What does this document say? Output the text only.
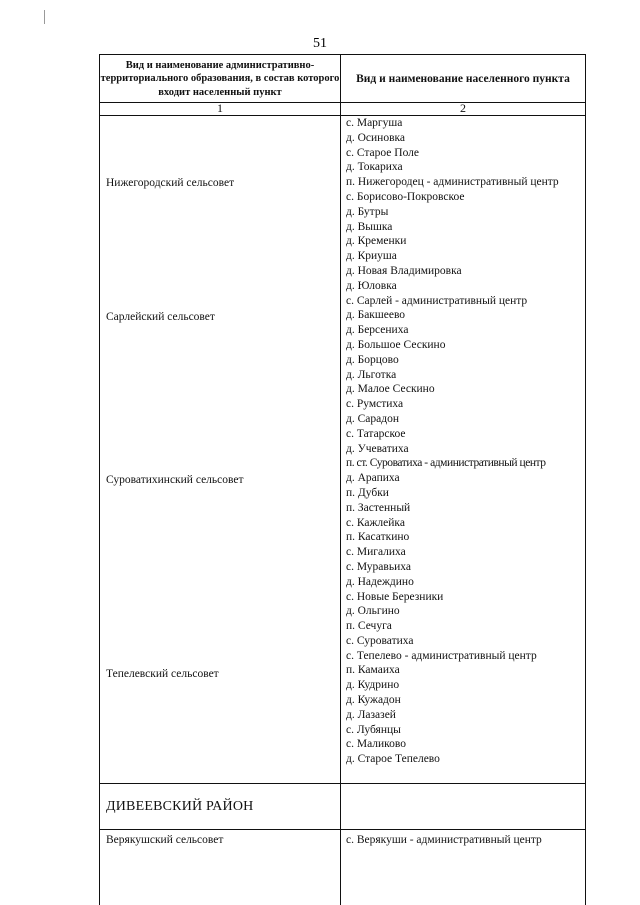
51
Вид и наименование административно-территориального образования, в состав которого входит населенный пункт
Вид и наименование населенного пункта
1	2
с. Маргуша
д. Осиновка
с. Старое Поле
д. Токариха
п. Нижегородец - административный центр
с. Борисово-Покровское
д. Бутры
д. Вышка
д. Кременки
д. Криуша
д. Новая Владимировка
д. Юловка
с. Сарлей - административный центр
д. Бакшеево
д. Берсениха
д. Большое Сескино
д. Борцово
д. Льготка
д. Малое Сескино
с. Румстиха
д. Сарадон
с. Татарское
д. Учеватиха
п. ст. Суроватиха - административный центр
д. Арапиха
п. Дубки
п. Застенный
с. Кажлейка
п. Касаткино
с. Мигалиха
с. Муравьиха
д. Надеждино
с. Новые Березники
д. Ольгино
п. Сечуга
с. Суроватиха
с. Тепелево - административный центр
п. Камаиха
д. Кудрино
д. Кужадон
д. Лазазей
с. Лубянцы
с. Маликово
д. Старое Тепелево
Нижегородский сельсовет
Сарлейский сельсовет
Суроватихинский сельсовет
Тепелевский сельсовет
ДИВЕЕВСКИЙ РАЙОН
Верякушский сельсовет	с. Верякуши - административный центр
